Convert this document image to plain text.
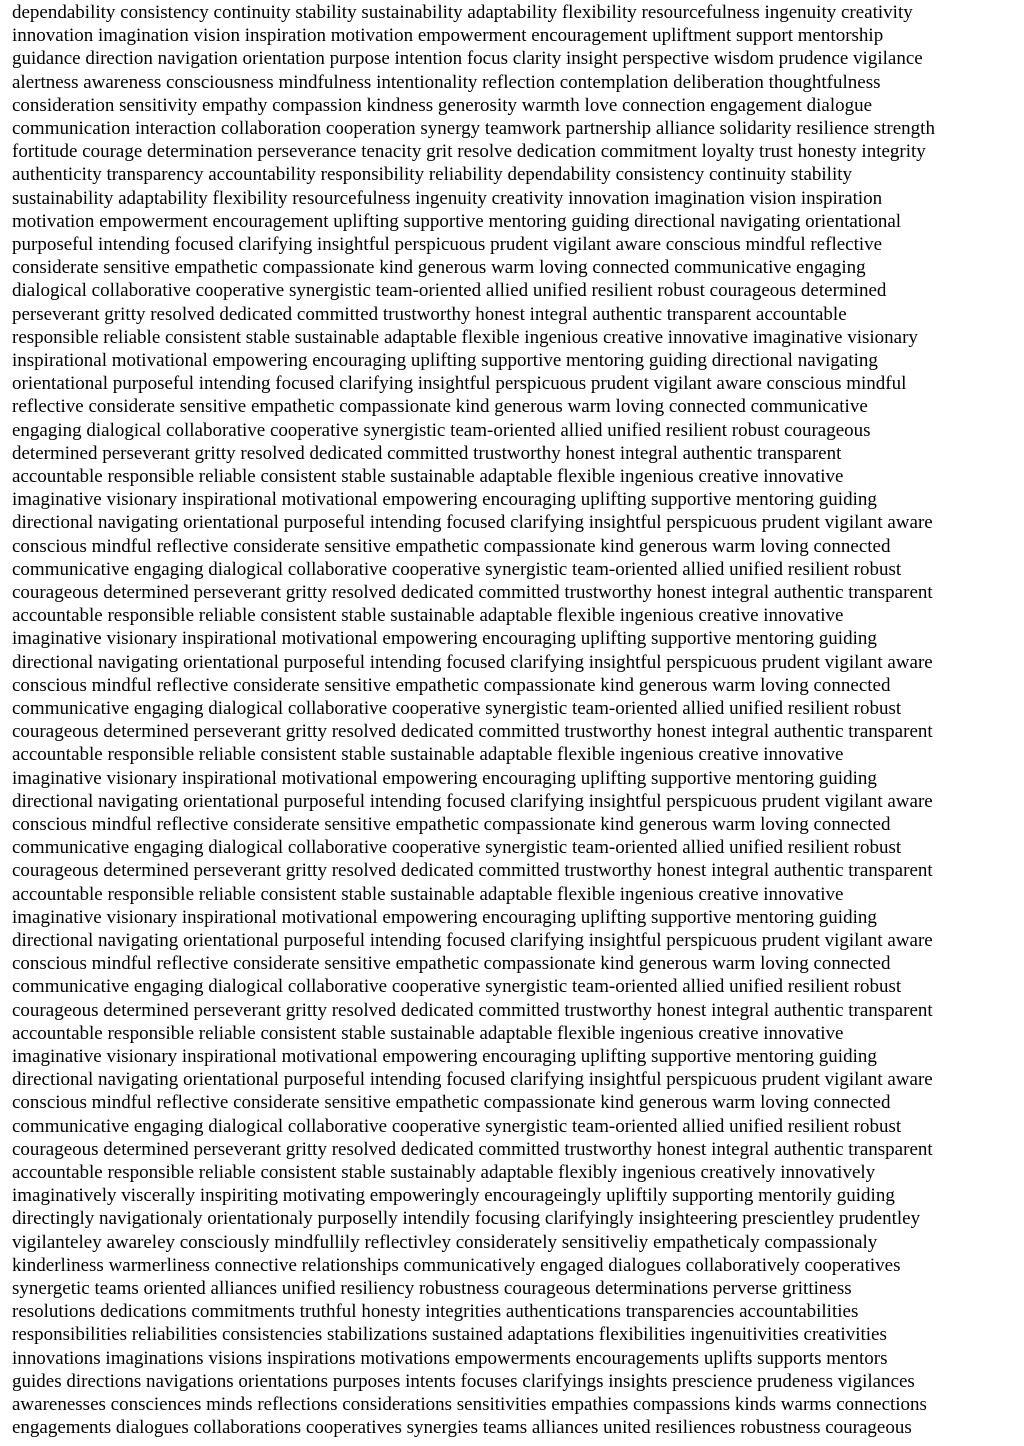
dependability consistency continuity stability sustainability adaptability flexibility resourcefulness ingenuity creativity
innovation imagination vision inspiration motivation empowerment encouragement upliftment support mentorship
guidance direction navigation orientation purpose intention focus clarity insight perspective wisdom prudence vigilance
alertness awareness consciousness mindfulness intentionality reflection contemplation deliberation thoughtfulness
consideration sensitivity empathy compassion kindness generosity warmth love connection engagement dialogue
communication interaction collaboration cooperation synergy teamwork partnership alliance solidarity resilience strength
fortitude courage determination perseverance tenacity grit resolve dedication commitment loyalty trust honesty integrity
authenticity transparency accountability responsibility reliability dependability consistency continuity stability
sustainability adaptability flexibility resourcefulness ingenuity creativity innovation imagination vision inspiration
motivation empowerment encouragement uplifting supportive mentoring guiding directional navigating orientational
purposeful intending focused clarifying insightful perspicuous prudent vigilant aware conscious mindful reflective
considerate sensitive empathetic compassionate kind generous warm loving connected communicative engaging
dialogical collaborative cooperative synergistic team-oriented allied unified resilient robust courageous determined
perseverant gritty resolved dedicated committed trustworthy honest integral authentic transparent accountable
responsible reliable consistent stable sustainable adaptable flexible ingenious creative innovative imaginative visionary
inspirational motivational empowering encouraging uplifting supportive mentoring guiding directional navigating
orientational purposeful intending focused clarifying insightful perspicuous prudent vigilant aware conscious mindful
reflective considerate sensitive empathetic compassionate kind generous warm loving connected communicative
engaging dialogical collaborative cooperative synergistic team-oriented allied unified resilient robust courageous
determined perseverant gritty resolved dedicated committed trustworthy honest integral authentic transparent
accountable responsible reliable consistent stable sustainable adaptable flexible ingenious creative innovative
imaginative visionary inspirational motivational empowering encouraging uplifting supportive mentoring guiding
directional navigating orientational purposeful intending focused clarifying insightful perspicuous prudent vigilant aware
conscious mindful reflective considerate sensitive empathetic compassionate kind generous warm loving connected
communicative engaging dialogical collaborative cooperative synergistic team-oriented allied unified resilient robust
courageous determined perseverant gritty resolved dedicated committed trustworthy honest integral authentic transparent
accountable responsible reliable consistent stable sustainable adaptable flexible ingenious creative innovative
imaginative visionary inspirational motivational empowering encouraging uplifting supportive mentoring guiding
directional navigating orientational purposeful intending focused clarifying insightful perspicuous prudent vigilant aware
conscious mindful reflective considerate sensitive empathetic compassionate kind generous warm loving connected
communicative engaging dialogical collaborative cooperative synergistic team-oriented allied unified resilient robust
courageous determined perseverant gritty resolved dedicated committed trustworthy honest integral authentic transparent
accountable responsible reliable consistent stable sustainable adaptable flexible ingenious creative innovative
imaginative visionary inspirational motivational empowering encouraging uplifting supportive mentoring guiding
directional navigating orientational purposeful intending focused clarifying insightful perspicuous prudent vigilant aware
conscious mindful reflective considerate sensitive empathetic compassionate kind generous warm loving connected
communicative engaging dialogical collaborative cooperative synergistic team-oriented allied unified resilient robust
courageous determined perseverant gritty resolved dedicated committed trustworthy honest integral authentic transparent
accountable responsible reliable consistent stable sustainable adaptable flexible ingenious creative innovative
imaginative visionary inspirational motivational empowering encouraging uplifting supportive mentoring guiding
directional navigating orientational purposeful intending focused clarifying insightful perspicuous prudent vigilant aware
conscious mindful reflective considerate sensitive empathetic compassionate kind generous warm loving connected
communicative engaging dialogical collaborative cooperative synergistic team-oriented allied unified resilient robust
courageous determined perseverant gritty resolved dedicated committed trustworthy honest integral authentic transparent
accountable responsible reliable consistent stable sustainable adaptable flexible ingenious creative innovative
imaginative visionary inspirational motivational empowering encouraging uplifting supportive mentoring guiding
directional navigating orientational purposeful intending focused clarifying insightful perspicuous prudent vigilant aware
conscious mindful reflective considerate sensitive empathetic compassionate kind generous warm loving connected
communicative engaging dialogical collaborative cooperative synergistic team-oriented allied unified resilient robust
courageous determined perseverant gritty resolved dedicated committed trustworthy honest integral authentic transparent
accountable responsible reliable consistent stable sustainably adaptable flexibly ingenious creatively innovatively
imaginatively viscerally inspiriting motivating empoweringly encourageingly upliftily supporting mentorily guiding
directingly navigationaly orientationaly purposelly intendily focusing clarifyingly insighteering prescientley prudentley
vigilanteley awareley consciously mindfullily reflectivley considerately sensitiveliy empatheticaly compassionaly
kinderliness warmerliness connective relationships communicatively engaged dialogues collaboratively cooperatives
synergetic teams oriented alliances unified resiliency robustness courageous determinations perverse grittiness
resolutions dedications commitments truthful honesty integrities authentications transparencies accountabilities
responsibilities reliabilities consistencies stabilizations sustained adaptations flexibilities ingenuitivities creativities
innovations imaginations visions inspirations motivations empowerments encouragements uplifts supports mentors
guides directions navigations orientations purposes intents focuses clarifyings insights prescience prudeness vigilances
awarenesses consciences minds reflections considerations sensitivities empathies compassions kinds warms connections
engagements dialogues collaborations cooperatives synergies teams alliances united resiliences robustness courageous
